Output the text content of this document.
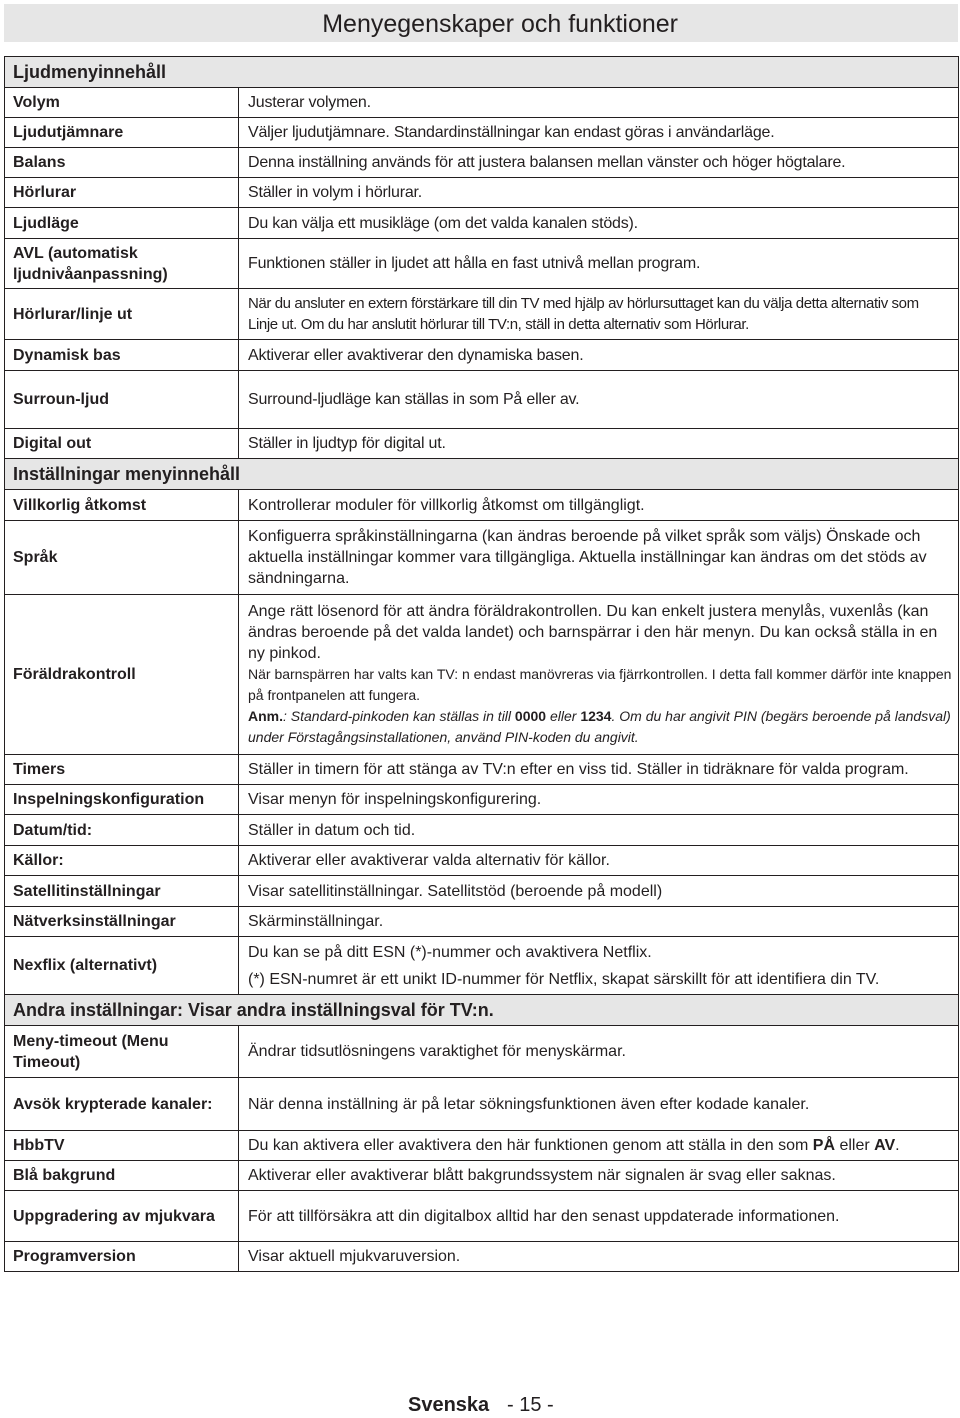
Menyegenskaper och funktioner
Ljudmenyinnehåll	
Volym	Justerar volymen.
Ljudutjämnare	Väljer ljudutjämnare. Standardinställningar kan endast göras i användarläge.
Balans	Denna inställning används för att justera balansen mellan vänster och höger högtalare.
Hörlurar	Ställer in volym i hörlurar.
Ljudläge	Du kan välja ett musikläge (om det valda kanalen stöds).
AVL (automatisk ljudnivåanpassning)	Funktionen ställer in ljudet att hålla en fast utnivå mellan program.
Hörlurar/linje ut	När du ansluter en extern förstärkare till din TV med hjälp av hörlursuttaget kan du välja detta alternativ som Linje ut. Om du har anslutit hörlurar till TV:n, ställ in detta alternativ som Hörlurar.
Dynamisk bas	Aktiverar eller avaktiverar den dynamiska basen.
Surroun-ljud	Surround-ljudläge kan ställas in som På eller av.
Digital out	Ställer in ljudtyp för digital ut.
Inställningar menyinnehåll	
Villkorlig åtkomst	Kontrollerar moduler för villkorlig åtkomst om tillgängligt.
Språk	Konfiguerra språkinställningarna (kan ändras beroende på vilket språk som väljs) Önskade och aktuella inställningar kommer vara tillgängliga. Aktuella inställningar kan ändras om det stöds av sändningarna.
Föräldrakontroll	Ange rätt lösenord för att ändra föräldrakontrollen. Du kan enkelt justera menylås, vuxenlås (kan ändras beroende på det valda landet) och barnspärrar i den här menyn. Du kan också ställa in en ny pinkod.
När barnspärren har valts kan TV: n endast manövreras via fjärrkontrollen. I detta fall kommer därför inte knappen på frontpanelen att fungera.
Anm.: Standard-pinkoden kan ställas in till 0000 eller 1234. Om du har angivit PIN (begärs beroende på landsval) under Förstagångsinstallationen, använd PIN-koden du angivit.

Timers	Ställer in timern för att stänga av TV:n efter en viss tid. Ställer in tidräknare för valda program.
Inspelningskonfiguration	Visar menyn för inspelningskonfigurering.
Datum/tid:	Ställer in datum och tid.
Källor:	Aktiverar eller avaktiverar valda alternativ för källor.
Satellitinställningar	Visar satellitinställningar. Satellitstöd (beroende på modell)
Nätverksinställningar	Skärminställningar.
Nexflix (alternativt)	Du kan se på ditt ESN (*)-nummer och avaktivera Netflix.
(*) ESN-numret är ett unikt ID-nummer för Netflix, skapat särskillt för att identifiera din TV.

Andra inställningar: Visar andra inställningsval för TV:n.	
Meny-timeout (Menu Timeout)	Ändrar tidsutlösningens varaktighet för menyskärmar.
Avsök krypterade kanaler:	När denna inställning är på letar sökningsfunktionen även efter kodade kanaler.
HbbTV	Du kan aktivera eller avaktivera den här funktionen genom att ställa in den som PÅ eller AV.
Blå bakgrund	Aktiverar eller avaktiverar blått bakgrundssystem när signalen är svag eller saknas.
Uppgradering av mjukvara	För att tillförsäkra att din digitalbox alltid har den senast uppdaterade informationen.
Programversion	Visar aktuell mjukvaruversion.
Svenska - 15 -
